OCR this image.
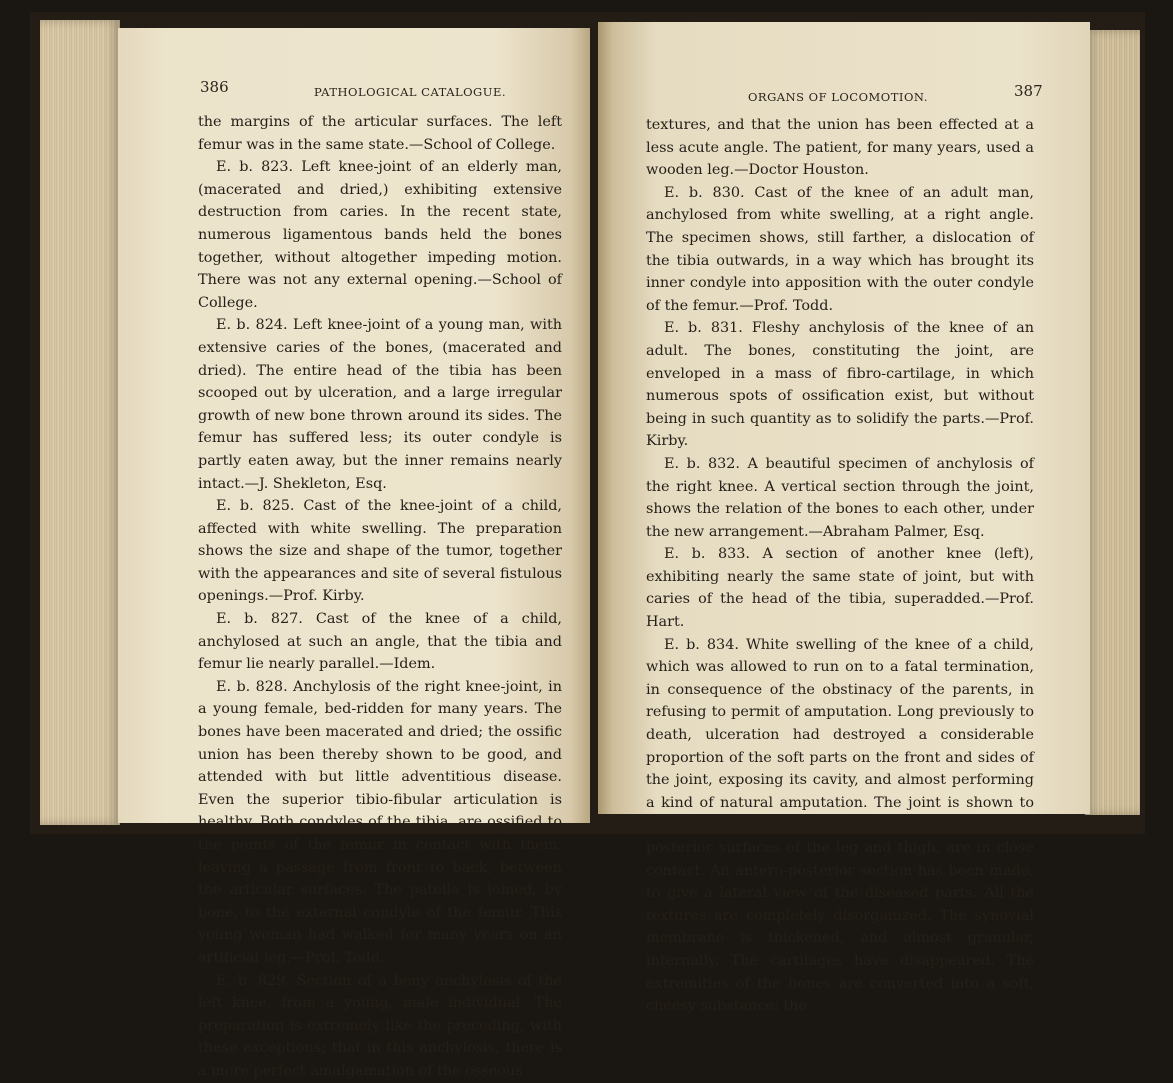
386	PATHOLOGICAL CATALOGUE.

the margins of the articular surfaces. The left femur was in the same state.—School of College.

E. b. 823. Left knee-joint of an elderly man, (macerated and dried,) exhibiting extensive destruction from caries. In the recent state, numerous ligamentous bands held the bones together, without altogether impeding motion. There was not any external opening.—School of College.

E. b. 824. Left knee-joint of a young man, with extensive caries of the bones, (macerated and dried). The entire head of the tibia has been scooped out by ulceration, and a large irregular growth of new bone thrown around its sides. The femur has suffered less; its outer condyle is partly eaten away, but the inner remains nearly intact.—J. Shekleton, Esq.

E. b. 825. Cast of the knee-joint of a child, affected with white swelling. The preparation shows the size and shape of the tumor, together with the appearances and site of several fistulous openings.—Prof. Kirby.

E. b. 827. Cast of the knee of a child, anchylosed at such an angle, that the tibia and femur lie nearly parallel.—Idem.

E. b. 828. Anchylosis of the right knee-joint, in a young female, bed-ridden for many years. The bones have been macerated and dried; the ossific union has been thereby shown to be good, and attended with but little adventitious disease. Even the superior tibio-fibular articulation is healthy. Both condyles of the tibia, are ossified to the points of the femur in contact with them, leaving a passage from front to back, between the articular surfaces. The patella is joined, by bone, to the external condyle of the femur. This young woman had walked for many years on an artificial leg.—Prof. Todd.

E. b. 829. Section of a bony anchylosis of the left knee, from a young, male individual. The preparation is extremely like the preceding, with these exceptions; that in this anchylosis, there is a more perfect amalgamation of the osseous

ORGANS OF LOCOMOTION.	387

textures, and that the union has been effected at a less acute angle. The patient, for many years, used a wooden leg.—Doctor Houston.

E. b. 830. Cast of the knee of an adult man, anchylosed from white swelling, at a right angle. The specimen shows, still farther, a dislocation of the tibia outwards, in a way which has brought its inner condyle into apposition with the outer condyle of the femur.—Prof. Todd.

E. b. 831. Fleshy anchylosis of the knee of an adult. The bones, constituting the joint, are enveloped in a mass of fibro-cartilage, in which numerous spots of ossification exist, but without being in such quantity as to solidify the parts.—Prof. Kirby.

E. b. 832. A beautiful specimen of anchylosis of the right knee. A vertical section through the joint, shows the relation of the bones to each other, under the new arrangement.—Abraham Palmer, Esq.

E. b. 833. A section of another knee (left), exhibiting nearly the same state of joint, but with caries of the head of the tibia, superadded.—Prof. Hart.

E. b. 834. White swelling of the knee of a child, which was allowed to run on to a fatal termination, in consequence of the obstinacy of the parents, in refusing to permit of amputation. Long previously to death, ulceration had destroyed a considerable proportion of the soft parts on the front and sides of the joint, exposing its cavity, and almost performing a kind of natural amputation. The joint is shown to be flexed to such an extreme degree, that the posterior surfaces of the leg and thigh, are in close contact. An antero-posterior section has been made, to give a lateral view of the diseased parts. All the textures are completely disorganized. The synovial membrane is thickened, and almost granular, internally. The cartilages have disappeared. The extremities of the bones are converted into a soft, cheesy substance: the
